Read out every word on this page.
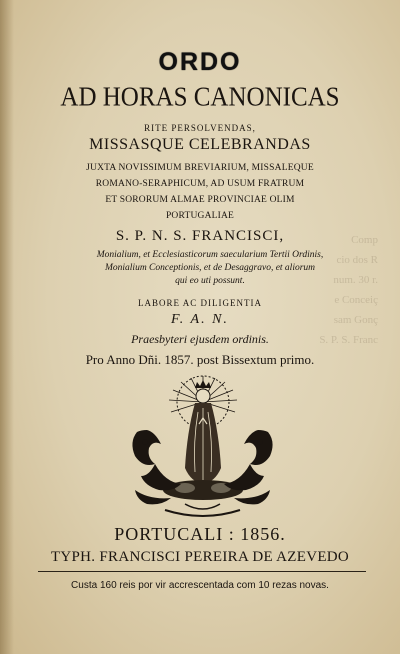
Comp
cio dos R
num. 30 r.
e Conceiç
sam Gonç
S. P. S. Franc
ORDO
AD HORAS CANONICAS
RITE PERSOLVENDAS,
MISSASQUE CELEBRANDAS
JUXTA NOVISSIMUM BREVIARIUM, MISSALEQUE
ROMANO-SERAPHICUM, AD USUM FRATRUM
ET SORORUM ALMAE PROVINCIAE OLIM
PORTUGALIAE
S. P. N. S. FRANCISCI,
Monialium, et Ecclesiasticorum saecularium Tertii Ordinis,
Monialium Conceptionis, et de Desaggravo, et aliorum
qui eo uti possunt.
LABORE AC DILIGENTIA
F. A. N.
Praesbyteri ejusdem ordinis.
Pro Anno Dñi. 1857. post Bissextum primo.
PORTUCALI : 1856.
TYPH. FRANCISCI PEREIRA DE AZEVEDO
Custa 160 reis por vir accrescentada com 10 rezas novas.
